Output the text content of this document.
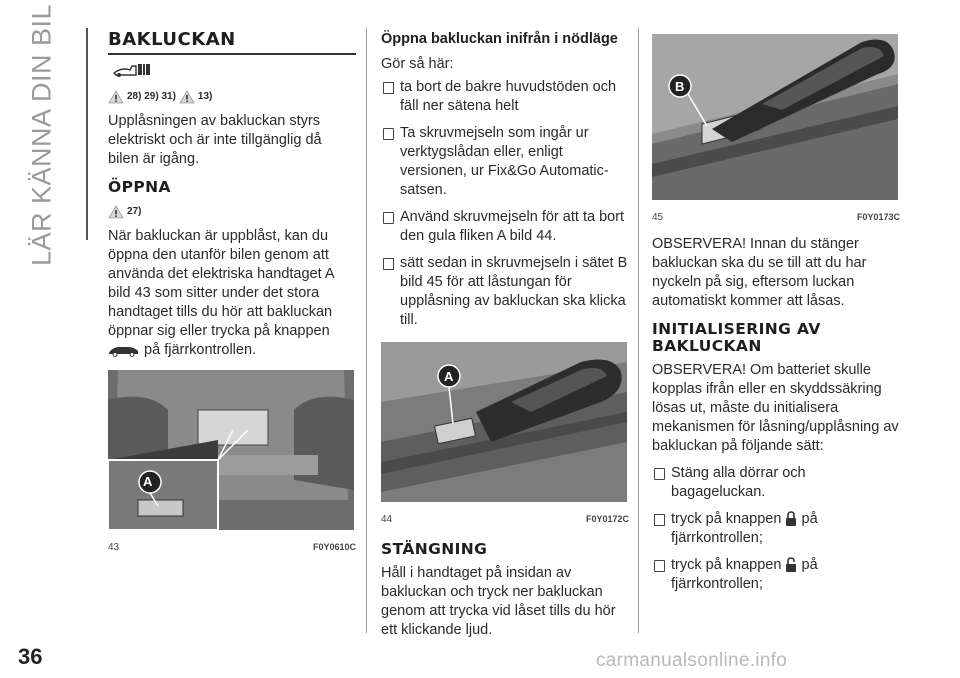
LÄR KÄNNA DIN BIL
36	carmanualsonline.info
BAKLUCKAN
28) 29) 31) 13)

Upplåsningen av bakluckan styrs elektriskt och är inte tillgänglig då bilen är igång.

ÖPPNA
27)

När bakluckan är uppblåst, kan du öppna den utanför bilen genom att använda det elektriska handtaget A bild 43 som sitter under det stora handtaget tills du hör att bakluckan öppnar sig eller trycka på knappen
på fjärrkontrollen.

A
43	F0Y0610C
Öppna bakluckan inifrån i nödläge

Gör så här:

ta bort de bakre huvudstöden och fäll ner sätena helt

Ta skruvmejseln som ingår ur verktygslådan eller, enligt versionen, ur Fix&Go Automatic-satsen.

Använd skruvmejseln för att ta bort den gula fliken A bild 44.

sätt sedan in skruvmejseln i sätet B bild 45 för att låstungan för upplåsning av bakluckan ska klicka till.

A
44	F0Y0172C
STÄNGNING

Håll i handtaget på insidan av bakluckan och tryck ner bakluckan genom att trycka vid låset tills du hör ett klickande ljud.

B
45	F0Y0173C

OBSERVERA! Innan du stänger bakluckan ska du se till att du har nyckeln på sig, eftersom luckan automatiskt kommer att låsas.

INITIALISERING AV BAKLUCKAN

OBSERVERA! Om batteriet skulle kopplas ifrån eller en skyddssäkring lösas ut, måste du initialisera mekanismen för låsning/upplåsning av bakluckan på följande sätt:

Stäng alla dörrar och bagageluckan.

tryck på knappen på fjärrkontrollen;

tryck på knappen på fjärrkontrollen;
